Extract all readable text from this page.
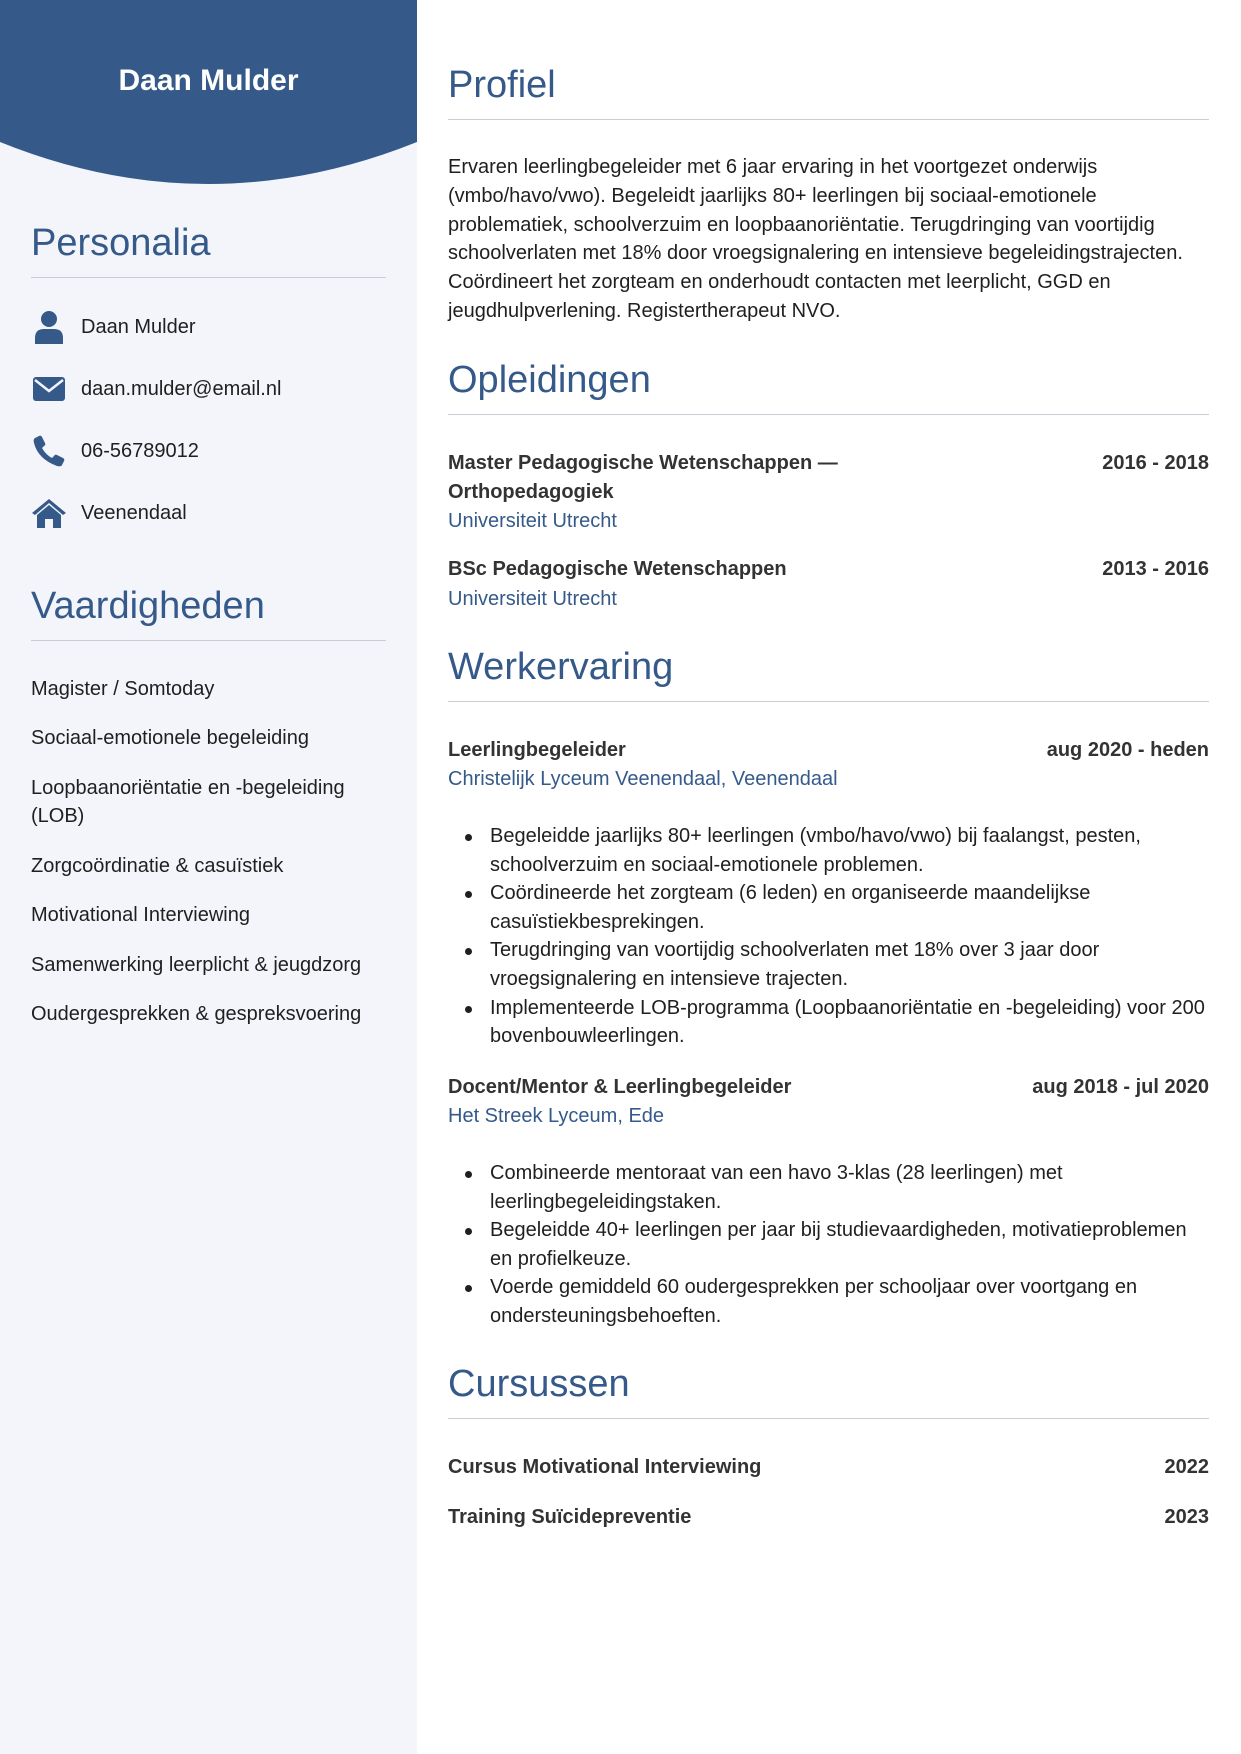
Daan Mulder
Personalia
Daan Mulder
daan.mulder@email.nl
06-56789012
Veenendaal
Vaardigheden
Magister / Somtoday
Sociaal-emotionele begeleiding
Loopbaanoriëntatie en -begeleiding (LOB)
Zorgcoördinatie & casuïstiek
Motivational Interviewing
Samenwerking leerplicht & jeugdzorg
Oudergesprekken & gespreksvoering
Profiel
Ervaren leerlingbegeleider met 6 jaar ervaring in het voortgezet onderwijs (vmbo/havo/vwo). Begeleidt jaarlijks 80+ leerlingen bij sociaal-emotionele problematiek, schoolverzuim en loopbaanoriëntatie. Terugdringing van voortijdig schoolverlaten met 18% door vroegsignalering en intensieve begeleidingstrajecten. Coördineert het zorgteam en onderhoudt contacten met leerplicht, GGD en jeugdhulpverlening. Registertherapeut NVO.
Opleidingen
Master Pedagogische Wetenschappen — Orthopedagogiek
2016 - 2018
Universiteit Utrecht
BSc Pedagogische Wetenschappen	2013 - 2016
Universiteit Utrecht
Werkervaring
Leerlingbegeleider	aug 2020 - heden
Christelijk Lyceum Veenendaal, Veenendaal
Begeleidde jaarlijks 80+ leerlingen (vmbo/havo/vwo) bij faalangst, pesten, schoolverzuim en sociaal-emotionele problemen.
Coördineerde het zorgteam (6 leden) en organiseerde maandelijkse casuïstiekbesprekingen.
Terugdringing van voortijdig schoolverlaten met 18% over 3 jaar door vroegsignalering en intensieve trajecten.
Implementeerde LOB-programma (Loopbaanoriëntatie en -begeleiding) voor 200 bovenbouwleerlingen.
Docent/Mentor & Leerlingbegeleider	aug 2018 - jul 2020
Het Streek Lyceum, Ede
Combineerde mentoraat van een havo 3-klas (28 leerlingen) met leerlingbegeleidingstaken.
Begeleidde 40+ leerlingen per jaar bij studievaardigheden, motivatieproblemen en profielkeuze.
Voerde gemiddeld 60 oudergesprekken per schooljaar over voortgang en ondersteuningsbehoeften.
Cursussen
Cursus Motivational Interviewing	2022
Training Suïcidepreventie	2023
